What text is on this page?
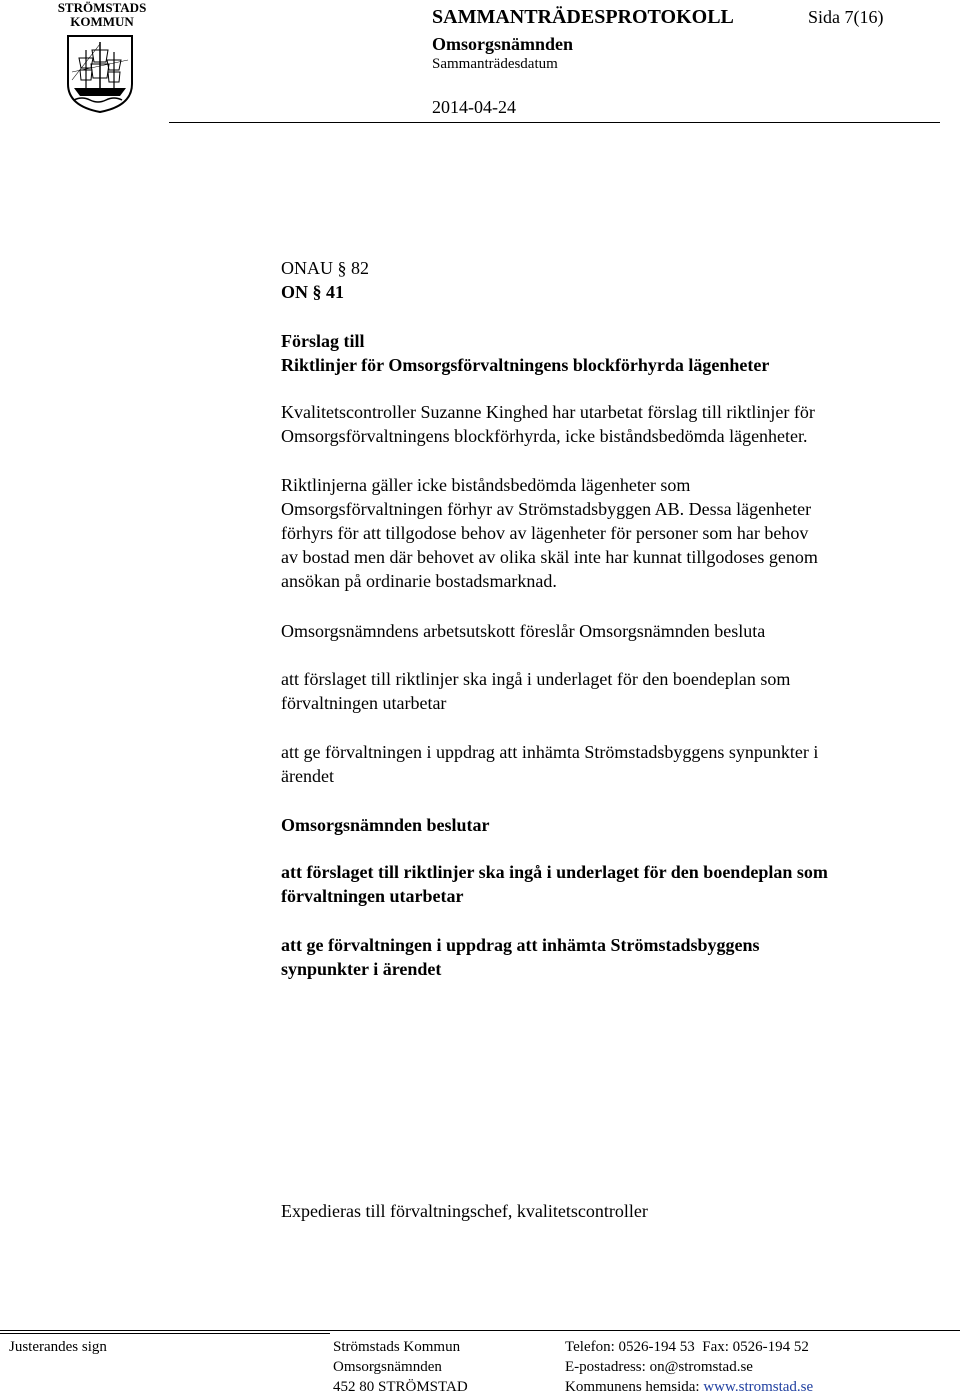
STRÖMSTADS
KOMMUN	SAMMANTRÄDESPROTOKOLL	Sida 7(16)
Omsorgsnämnden
Sammanträdesdatum
2014-04-24
ONAU § 82
ON § 41
Förslag till
Riktlinjer för Omsorgsförvaltningens blockförhyrda lägenheter
Kvalitetscontroller Suzanne Kinghed har utarbetat förslag till riktlinjer för
Omsorgsförvaltningens blockförhyrda, icke biståndsbedömda lägenheter.
Riktlinjerna gäller icke biståndsbedömda lägenheter som
Omsorgsförvaltningen förhyr av Strömstadsbyggen AB. Dessa lägenheter
förhyrs för att tillgodose behov av lägenheter för personer som har behov
av bostad men där behovet av olika skäl inte har kunnat tillgodoses genom
ansökan på ordinarie bostadsmarknad.
Omsorgsnämndens arbetsutskott föreslår Omsorgsnämnden besluta
att förslaget till riktlinjer ska ingå i underlaget för den boendeplan som
förvaltningen utarbetar
att ge förvaltningen i uppdrag att inhämta Strömstadsbyggens synpunkter i
ärendet
Omsorgsnämnden beslutar
att förslaget till riktlinjer ska ingå i underlaget för den boendeplan som
förvaltningen utarbetar
att ge förvaltningen i uppdrag att inhämta Strömstadsbyggens
synpunkter i ärendet
Expedieras till förvaltningschef, kvalitetscontroller
Justerandes sign	Strömstads Kommun
Omsorgsnämnden
452 80 STRÖMSTAD
Telefon: 0526-194 53  Fax: 0526-194 52
E-postadress: on@stromstad.se
Kommunens hemsida: www.stromstad.se
